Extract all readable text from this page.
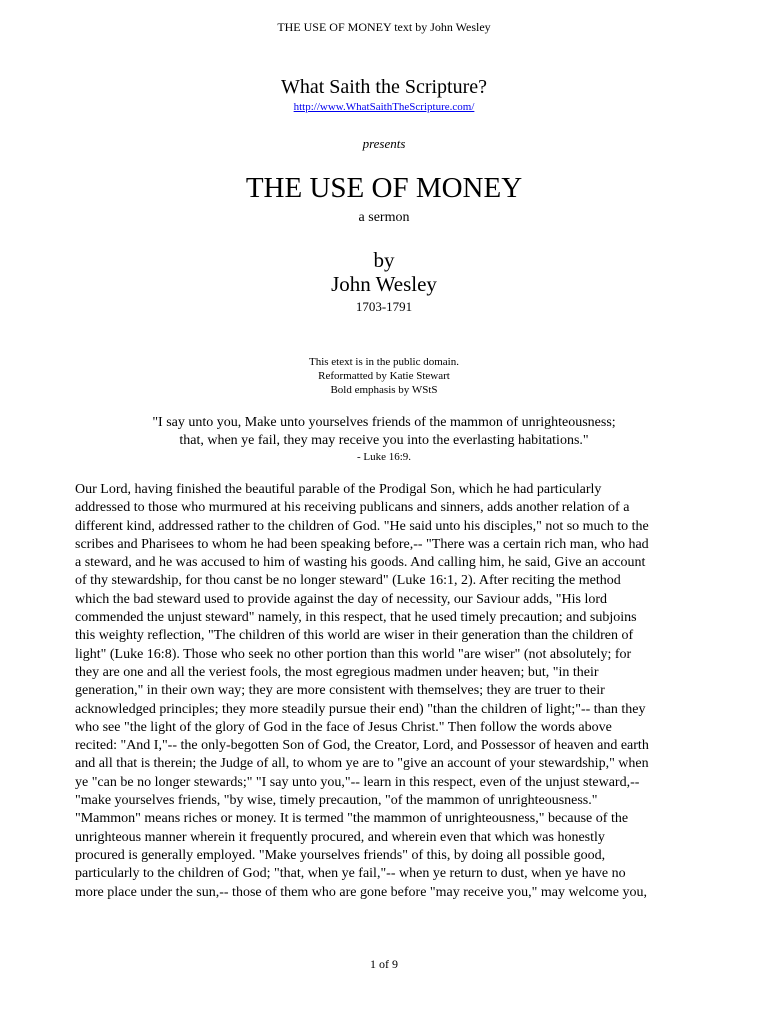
THE USE OF MONEY text by John Wesley
What Saith the Scripture?
http://www.WhatSaithTheScripture.com/
presents
THE USE OF MONEY
a sermon
by
John Wesley
1703-1791
This etext is in the public domain.
Reformatted by Katie Stewart
Bold emphasis by WStS
"I say unto you, Make unto yourselves friends of the mammon of unrighteousness;
that, when ye fail, they may receive you into the everlasting habitations."
- Luke 16:9.
Our Lord, having finished the beautiful parable of the Prodigal Son, which he had particularly
addressed to those who murmured at his receiving publicans and sinners, adds another relation of a
different kind, addressed rather to the children of God. "He said unto his disciples," not so much to the
scribes and Pharisees to whom he had been speaking before,-- "There was a certain rich man, who had
a steward, and he was accused to him of wasting his goods. And calling him, he said, Give an account
of thy stewardship, for thou canst be no longer steward" (Luke 16:1, 2). After reciting the method
which the bad steward used to provide against the day of necessity, our Saviour adds, "His lord
commended the unjust steward" namely, in this respect, that he used timely precaution; and subjoins
this weighty reflection, "The children of this world are wiser in their generation than the children of
light" (Luke 16:8). Those who seek no other portion than this world "are wiser" (not absolutely; for
they are one and all the veriest fools, the most egregious madmen under heaven; but, "in their
generation," in their own way; they are more consistent with themselves; they are truer to their
acknowledged principles; they more steadily pursue their end) "than the children of light;"-- than they
who see "the light of the glory of God in the face of Jesus Christ." Then follow the words above
recited: "And I,"-- the only-begotten Son of God, the Creator, Lord, and Possessor of heaven and earth
and all that is therein; the Judge of all, to whom ye are to "give an account of your stewardship," when
ye "can be no longer stewards;" "I say unto you,"-- learn in this respect, even of the unjust steward,--
"make yourselves friends, "by wise, timely precaution, "of the mammon of unrighteousness."
"Mammon" means riches or money. It is termed "the mammon of unrighteousness," because of the
unrighteous manner wherein it frequently procured, and wherein even that which was honestly
procured is generally employed. "Make yourselves friends" of this, by doing all possible good,
particularly to the children of God; "that, when ye fail,"-- when ye return to dust, when ye have no
more place under the sun,-- those of them who are gone before "may receive you," may welcome you,
1 of 9
